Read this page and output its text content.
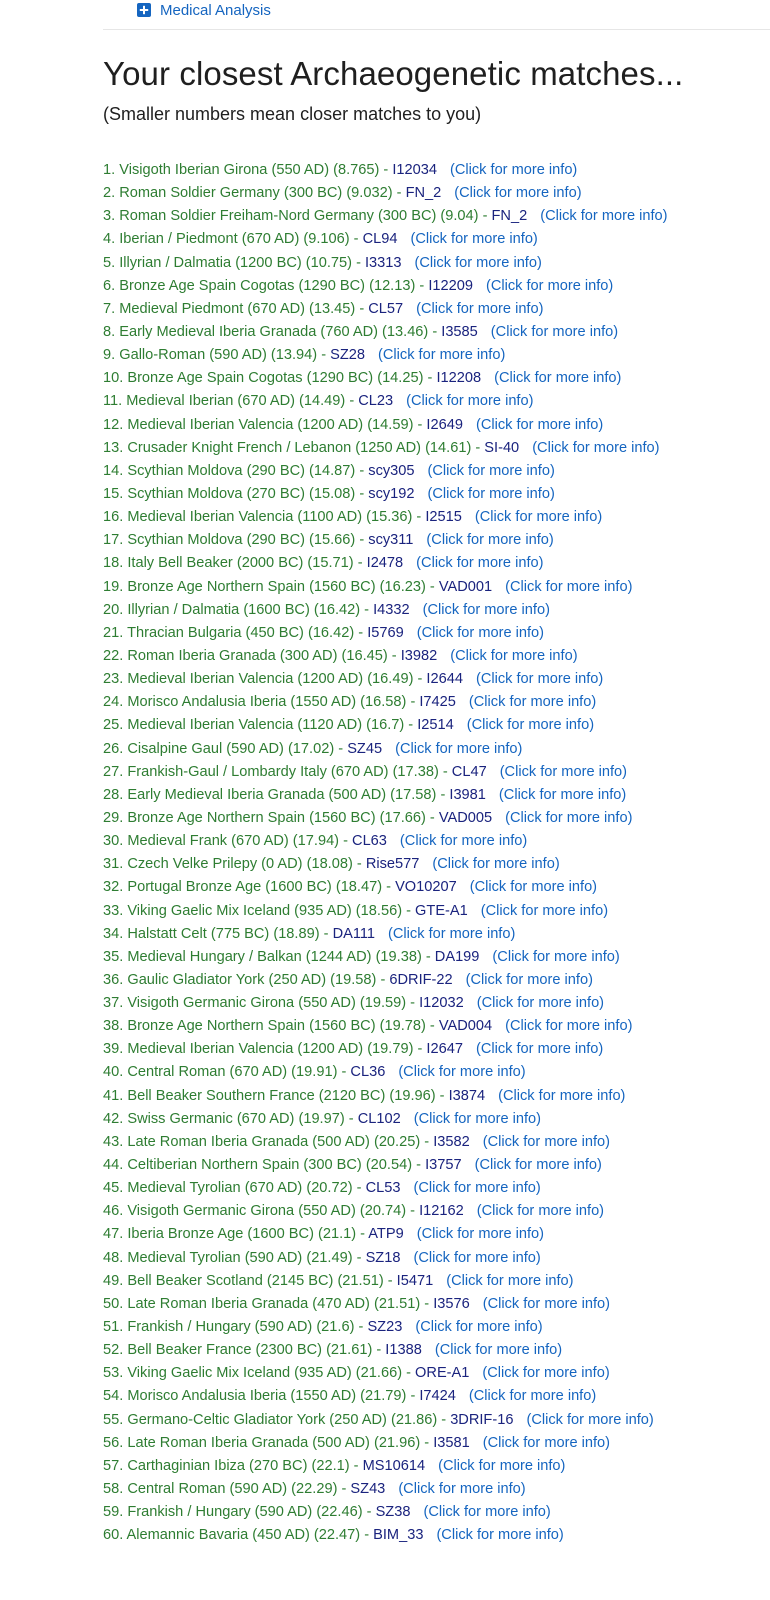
Medical Analysis
Your closest Archaeogenetic matches...

(Smaller numbers mean closer matches to you)

1. Visigoth Iberian Girona (550 AD) (8.765) - I12034 (Click for more info)
2. Roman Soldier Germany (300 BC) (9.032) - FN_2 (Click for more info)
3. Roman Soldier Freiham-Nord Germany (300 BC) (9.04) - FN_2 (Click for more info)
4. Iberian / Piedmont (670 AD) (9.106) - CL94 (Click for more info)
5. Illyrian / Dalmatia (1200 BC) (10.75) - I3313 (Click for more info)
6. Bronze Age Spain Cogotas (1290 BC) (12.13) - I12209 (Click for more info)
7. Medieval Piedmont (670 AD) (13.45) - CL57 (Click for more info)
8. Early Medieval Iberia Granada (760 AD) (13.46) - I3585 (Click for more info)
9. Gallo-Roman (590 AD) (13.94) - SZ28 (Click for more info)
10. Bronze Age Spain Cogotas (1290 BC) (14.25) - I12208 (Click for more info)
11. Medieval Iberian (670 AD) (14.49) - CL23 (Click for more info)
12. Medieval Iberian Valencia (1200 AD) (14.59) - I2649 (Click for more info)
13. Crusader Knight French / Lebanon (1250 AD) (14.61) - SI-40 (Click for more info)
14. Scythian Moldova (290 BC) (14.87) - scy305 (Click for more info)
15. Scythian Moldova (270 BC) (15.08) - scy192 (Click for more info)
16. Medieval Iberian Valencia (1100 AD) (15.36) - I2515 (Click for more info)
17. Scythian Moldova (290 BC) (15.66) - scy311 (Click for more info)
18. Italy Bell Beaker (2000 BC) (15.71) - I2478 (Click for more info)
19. Bronze Age Northern Spain (1560 BC) (16.23) - VAD001 (Click for more info)
20. Illyrian / Dalmatia (1600 BC) (16.42) - I4332 (Click for more info)
21. Thracian Bulgaria (450 BC) (16.42) - I5769 (Click for more info)
22. Roman Iberia Granada (300 AD) (16.45) - I3982 (Click for more info)
23. Medieval Iberian Valencia (1200 AD) (16.49) - I2644 (Click for more info)
24. Morisco Andalusia Iberia (1550 AD) (16.58) - I7425 (Click for more info)
25. Medieval Iberian Valencia (1120 AD) (16.7) - I2514 (Click for more info)
26. Cisalpine Gaul (590 AD) (17.02) - SZ45 (Click for more info)
27. Frankish-Gaul / Lombardy Italy (670 AD) (17.38) - CL47 (Click for more info)
28. Early Medieval Iberia Granada (500 AD) (17.58) - I3981 (Click for more info)
29. Bronze Age Northern Spain (1560 BC) (17.66) - VAD005 (Click for more info)
30. Medieval Frank (670 AD) (17.94) - CL63 (Click for more info)
31. Czech Velke Prilepy (0 AD) (18.08) - Rise577 (Click for more info)
32. Portugal Bronze Age (1600 BC) (18.47) - VO10207 (Click for more info)
33. Viking Gaelic Mix Iceland (935 AD) (18.56) - GTE-A1 (Click for more info)
34. Halstatt Celt (775 BC) (18.89) - DA111 (Click for more info)
35. Medieval Hungary / Balkan (1244 AD) (19.38) - DA199 (Click for more info)
36. Gaulic Gladiator York (250 AD) (19.58) - 6DRIF-22 (Click for more info)
37. Visigoth Germanic Girona (550 AD) (19.59) - I12032 (Click for more info)
38. Bronze Age Northern Spain (1560 BC) (19.78) - VAD004 (Click for more info)
39. Medieval Iberian Valencia (1200 AD) (19.79) - I2647 (Click for more info)
40. Central Roman (670 AD) (19.91) - CL36 (Click for more info)
41. Bell Beaker Southern France (2120 BC) (19.96) - I3874 (Click for more info)
42. Swiss Germanic (670 AD) (19.97) - CL102 (Click for more info)
43. Late Roman Iberia Granada (500 AD) (20.25) - I3582 (Click for more info)
44. Celtiberian Northern Spain (300 BC) (20.54) - I3757 (Click for more info)
45. Medieval Tyrolian (670 AD) (20.72) - CL53 (Click for more info)
46. Visigoth Germanic Girona (550 AD) (20.74) - I12162 (Click for more info)
47. Iberia Bronze Age (1600 BC) (21.1) - ATP9 (Click for more info)
48. Medieval Tyrolian (590 AD) (21.49) - SZ18 (Click for more info)
49. Bell Beaker Scotland (2145 BC) (21.51) - I5471 (Click for more info)
50. Late Roman Iberia Granada (470 AD) (21.51) - I3576 (Click for more info)
51. Frankish / Hungary (590 AD) (21.6) - SZ23 (Click for more info)
52. Bell Beaker France (2300 BC) (21.61) - I1388 (Click for more info)
53. Viking Gaelic Mix Iceland (935 AD) (21.66) - ORE-A1 (Click for more info)
54. Morisco Andalusia Iberia (1550 AD) (21.79) - I7424 (Click for more info)
55. Germano-Celtic Gladiator York (250 AD) (21.86) - 3DRIF-16 (Click for more info)
56. Late Roman Iberia Granada (500 AD) (21.96) - I3581 (Click for more info)
57. Carthaginian Ibiza (270 BC) (22.1) - MS10614 (Click for more info)
58. Central Roman (590 AD) (22.29) - SZ43 (Click for more info)
59. Frankish / Hungary (590 AD) (22.46) - SZ38 (Click for more info)
60. Alemannic Bavaria (450 AD) (22.47) - BIM_33 (Click for more info)
